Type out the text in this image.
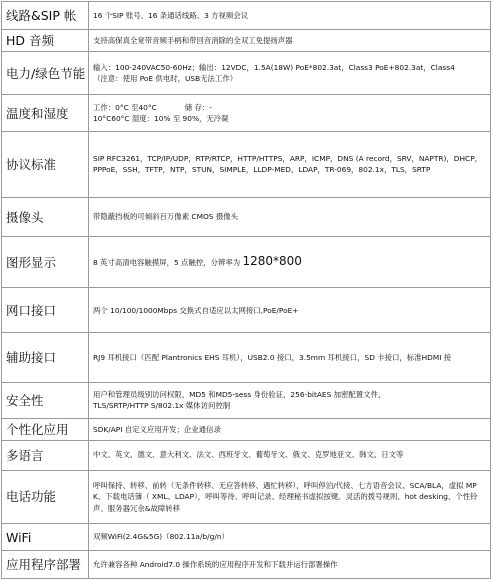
线路&SIP 帐	16 个SIP 账号、16 条通话线路、3 方视频会议

HD 音频	支持高保真全宽带音频手柄和带回音消除的全双工免提扬声器

电力/绿色节能	输入：100-240VAC50-60Hz；输出：12VDC，1.5A(18W) PoE*802.3at，Class3 PoE+802.3at，Class4
（注意：使用 PoE 供电时，USB无法工作）

温度和湿度	工作：0°C 至40°C 储 存：-
10°C60°C 湿度：10% 至 90%，无冷凝

协议标准	SIP RFC3261，TCP/IP/UDP，RTP/RTCP，HTTP/HTTPS，ARP，ICMP，DNS (A record，SRV，NAPTR)，DHCP，PPPoE，SSH，TFTP，NTP，STUN，SIMPLE，LLDP-MED，LDAP，TR-069，802.1x，TLS，SRTP

摄像头	带隐蔽挡板的可倾斜百万像素 CMOS 摄像头

图形显示	8 英寸高清电容触摸屏，5 点触控，分辨率为 1280*800
网口接口	两个 10/100/1000Mbps 交换式自适应以太网接口,PoE/PoE+

辅助接口	RJ9 耳机接口（匹配 Plantronics EHS 耳机），USB2.0 接口，3.5mm 耳机接口，SD 卡接口，标准HDMI 接

安全性	用户和管理员级别访问权限，MD5 和MD5-sess 身份验证，256-bitAES 加密配置文件，
TLS/SRTP/HTTP S/802.1x 媒体访问控制

个性化应用	SDK/API 自定义应用开发；企业通信录

多语言	中文、英文、德文、意大利文、法文、西班牙文、葡萄牙文、俄文、克罗地亚文、韩文、日文等

电话功能	呼叫保持、转移、前转（无条件转移、无应答转移、遇忙转移），呼叫停泊/代接、七方语音会议、SCA/BLA，虚拟 MPK、下载电话簿（ XML、LDAP），呼叫等待、呼叫记录、经理秘书虚拟按键、灵活的拨号规则、hot desking、个性铃声、服务器冗余&故障转移

WiFi	双频WiFi(2.4G&5G)（802.11a/b/g/n）

应用程序部署	允许兼容各种 Android7.0 操作系统的应用程序开发和下载并运行部署操作
